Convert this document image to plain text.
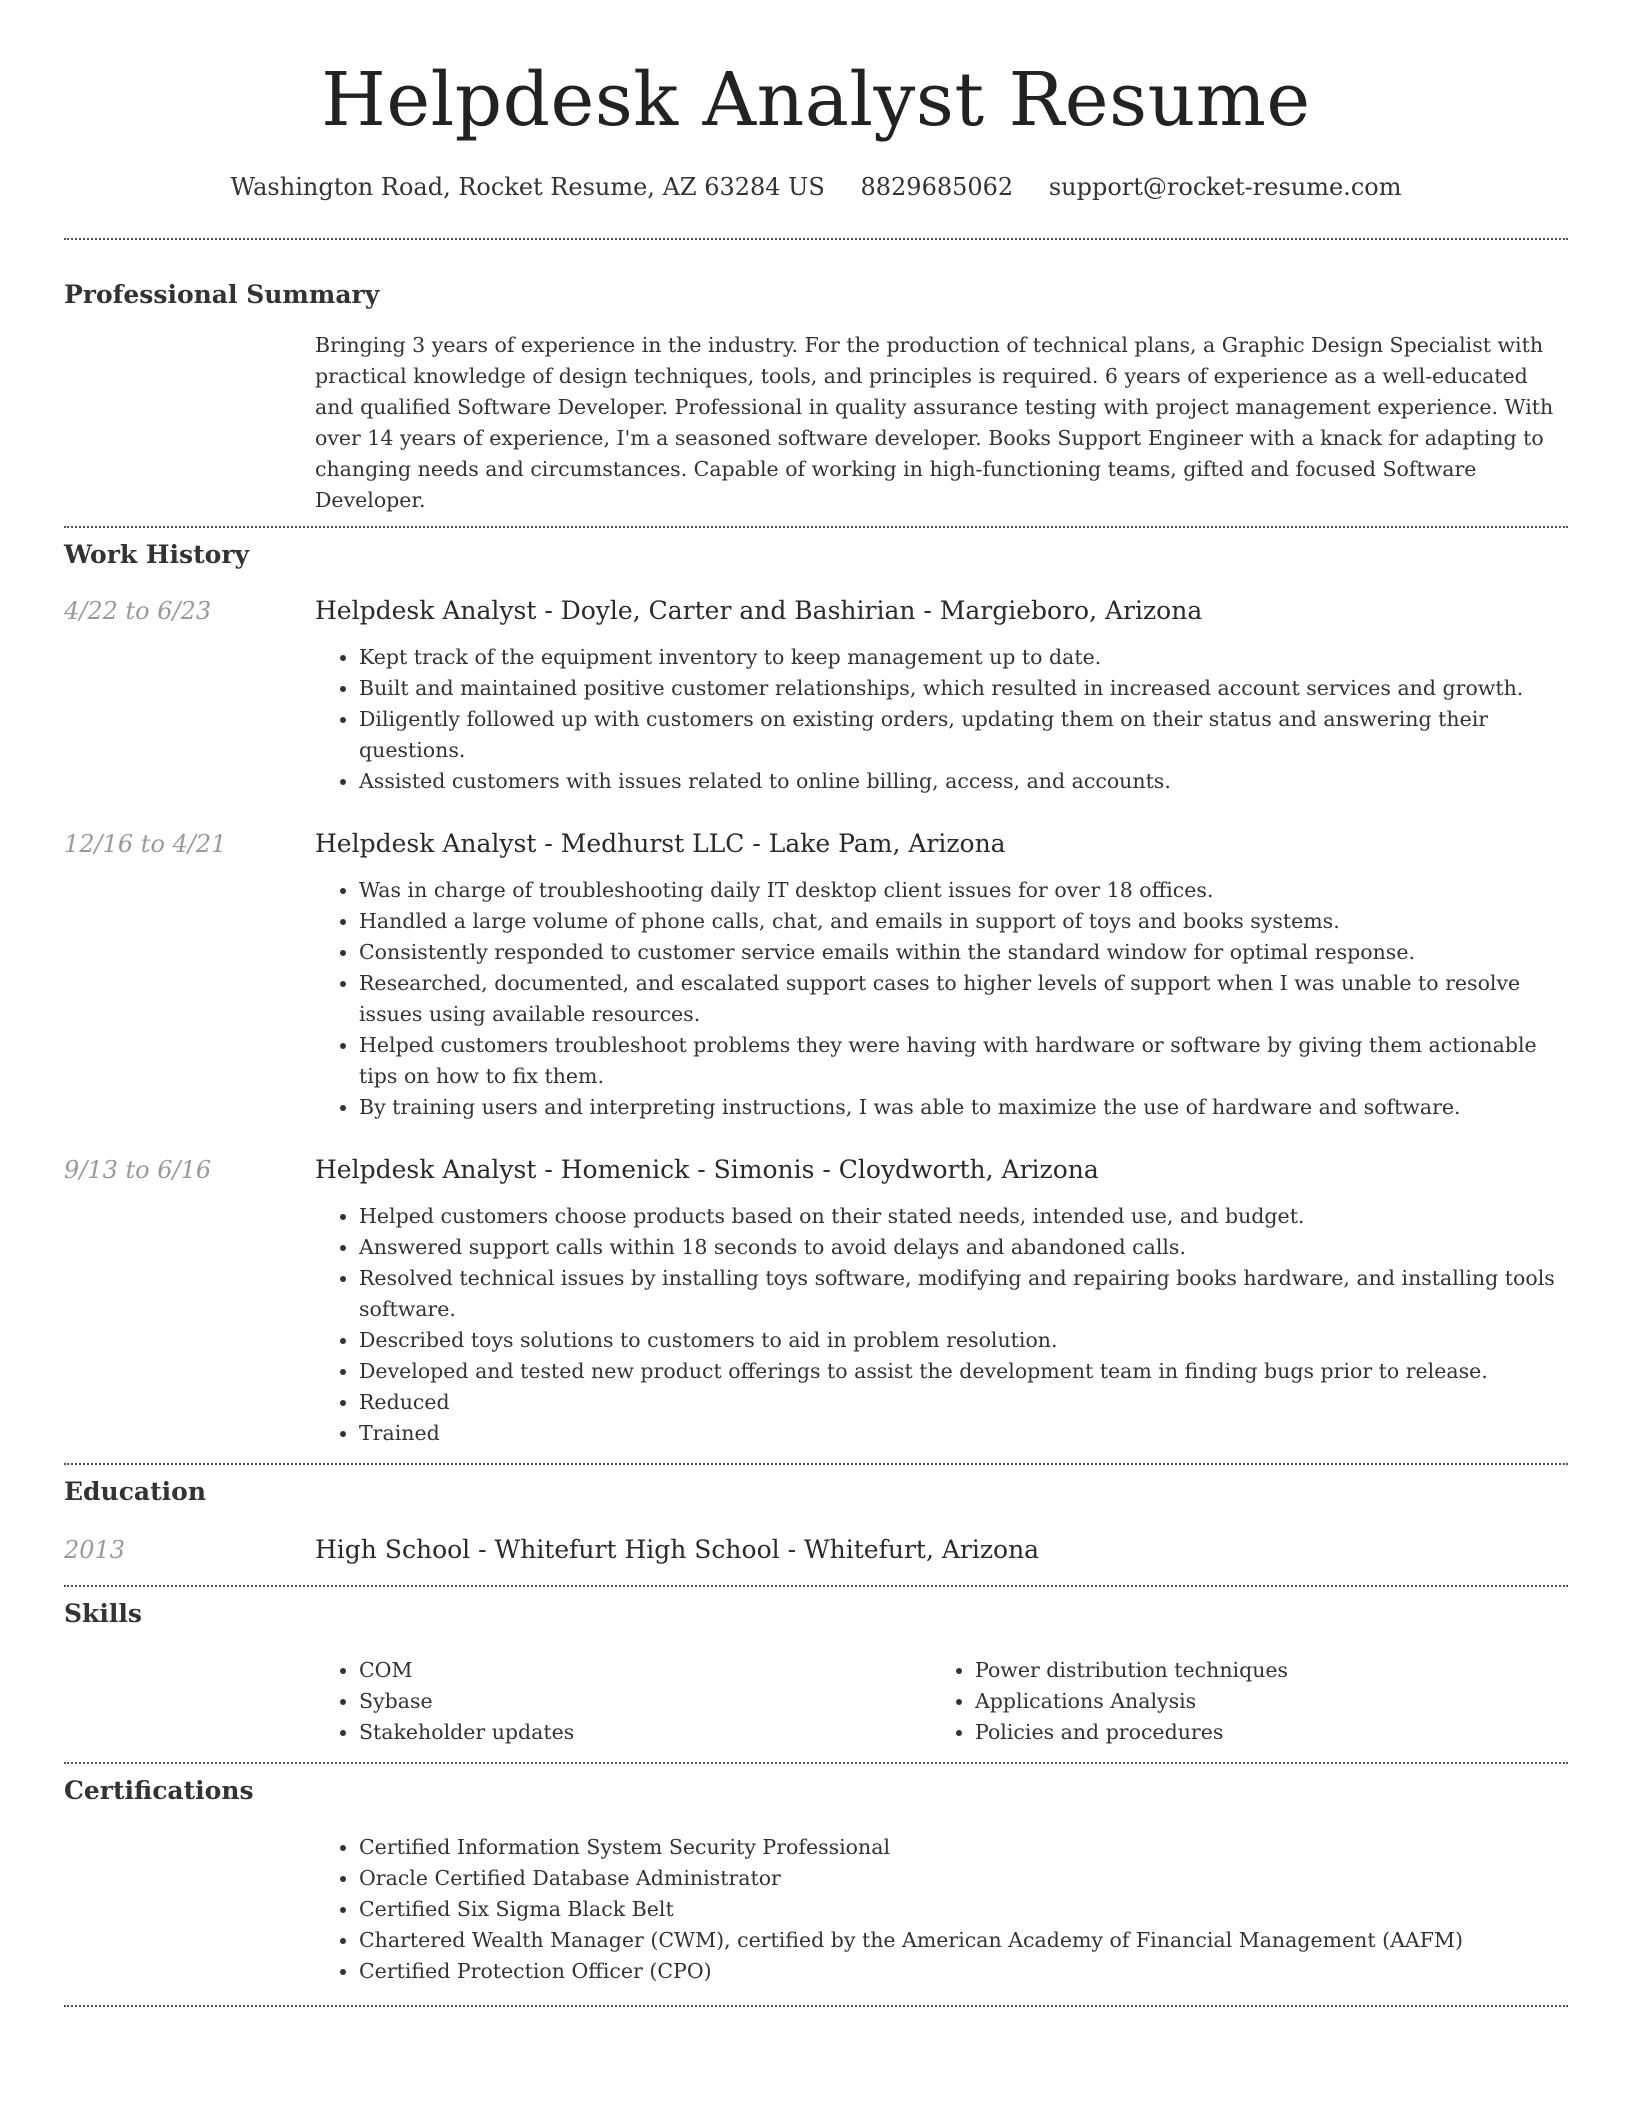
Helpdesk Analyst Resume
Washington Road, Rocket Resume, AZ 63284 US 8829685062 support@rocket-resume.com
Professional Summary

Bringing 3 years of experience in the industry. For the production of technical plans, a Graphic Design Specialist with practical knowledge of design techniques, tools, and principles is required. 6 years of experience as a well-educated and qualified Software Developer. Professional in quality assurance testing with project management experience. With over 14 years of experience, I'm a seasoned software developer. Books Support Engineer with a knack for adapting to changing needs and circumstances. Capable of working in high-functioning teams, gifted and focused Software Developer.

Work History
4/22 to 6/23	Helpdesk Analyst - Doyle, Carter and Bashirian - Margieboro, Arizona
• Kept track of the equipment inventory to keep management up to date.
• Built and maintained positive customer relationships, which resulted in increased account services and growth.
• Diligently followed up with customers on existing orders, updating them on their status and answering their questions.
• Assisted customers with issues related to online billing, access, and accounts.
12/16 to 4/21	Helpdesk Analyst - Medhurst LLC - Lake Pam, Arizona
• Was in charge of troubleshooting daily IT desktop client issues for over 18 offices.
• Handled a large volume of phone calls, chat, and emails in support of toys and books systems.
• Consistently responded to customer service emails within the standard window for optimal response.
• Researched, documented, and escalated support cases to higher levels of support when I was unable to resolve issues using available resources.
• Helped customers troubleshoot problems they were having with hardware or software by giving them actionable tips on how to fix them.
• By training users and interpreting instructions, I was able to maximize the use of hardware and software.
9/13 to 6/16	Helpdesk Analyst - Homenick - Simonis - Cloydworth, Arizona
• Helped customers choose products based on their stated needs, intended use, and budget.
• Answered support calls within 18 seconds to avoid delays and abandoned calls.
• Resolved technical issues by installing toys software, modifying and repairing books hardware, and installing tools software.
• Described toys solutions to customers to aid in problem resolution.
• Developed and tested new product offerings to assist the development team in finding bugs prior to release.
• Reduced
• Trained
Education
2013	High School - Whitefurt High School - Whitefurt, Arizona
Skills
• COM
• Sybase
• Stakeholder updates
• Power distribution techniques
• Applications Analysis
• Policies and procedures
Certifications
• Certified Information System Security Professional
• Oracle Certified Database Administrator
• Certified Six Sigma Black Belt
• Chartered Wealth Manager (CWM), certified by the American Academy of Financial Management (AAFM)
• Certified Protection Officer (CPO)
